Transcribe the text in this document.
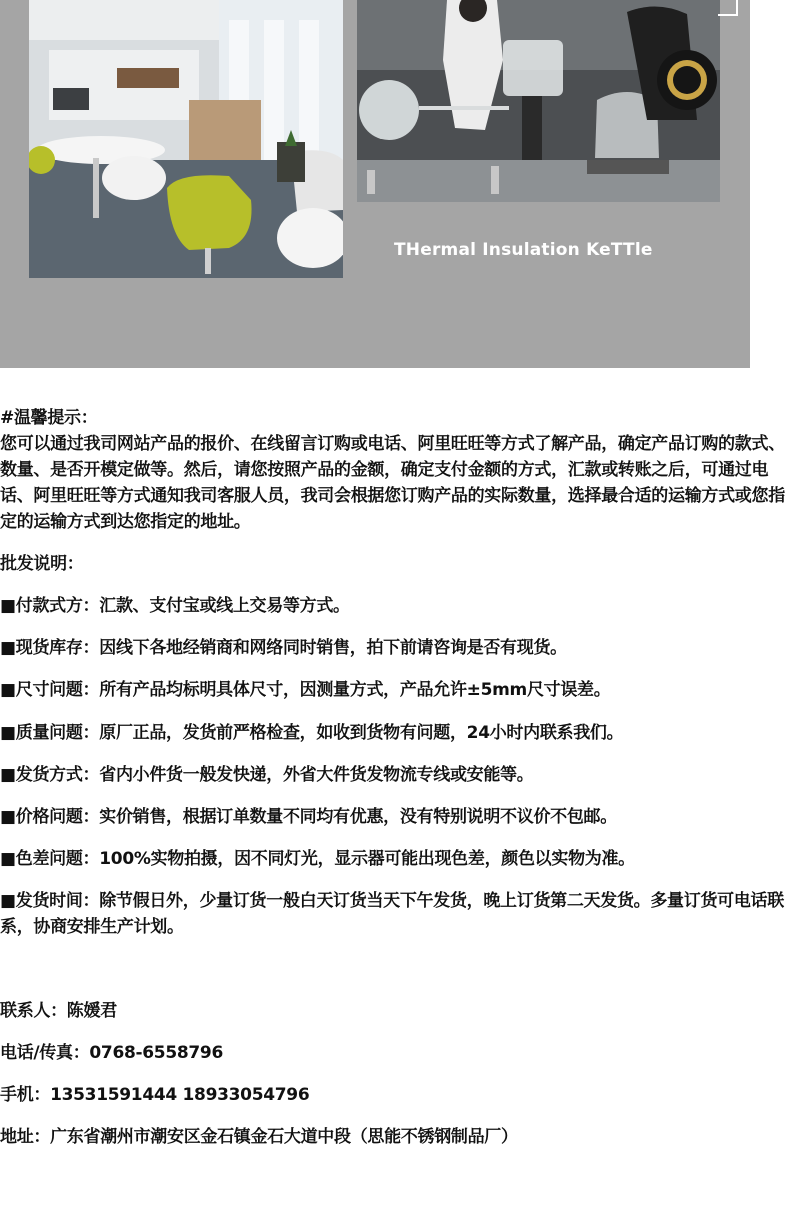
THermal Insulation KeTTle
#温馨提示：
您可以通过我司网站产品的报价、在线留言订购或电话、阿里旺旺等方式了解产品，确定产品订购的款式、数量、是否开模定做等。然后，请您按照产品的金额，确定支付金额的方式，汇款或转账之后，可通过电话、阿里旺旺等方式通知我司客服人员，我司会根据您订购产品的实际数量，选择最合适的运输方式或您指定的运输方式到达您指定的地址。
批发说明：
■付款式方：汇款、支付宝或线上交易等方式。
■现货库存：因线下各地经销商和网络同时销售，拍下前请咨询是否有现货。
■尺寸问题：所有产品均标明具体尺寸，因测量方式，产品允许±5mm尺寸误差。
■质量问题：原厂正品，发货前严格检查，如收到货物有问题，24小时内联系我们。
■发货方式：省内小件货一般发快递，外省大件货发物流专线或安能等。
■价格问题：实价销售，根据订单数量不同均有优惠，没有特别说明不议价不包邮。
■色差问题：100%实物拍摄，因不同灯光，显示器可能出现色差，颜色以实物为准。
■发货时间：除节假日外，少量订货一般白天订货当天下午发货，晚上订货第二天发货。多量订货可电话联系，协商安排生产计划。
联系人：陈媛君
电话/传真：0768-6558796
手机：13531591444 18933054796
地址：广东省潮州市潮安区金石镇金石大道中段（思能不锈钢制品厂）
